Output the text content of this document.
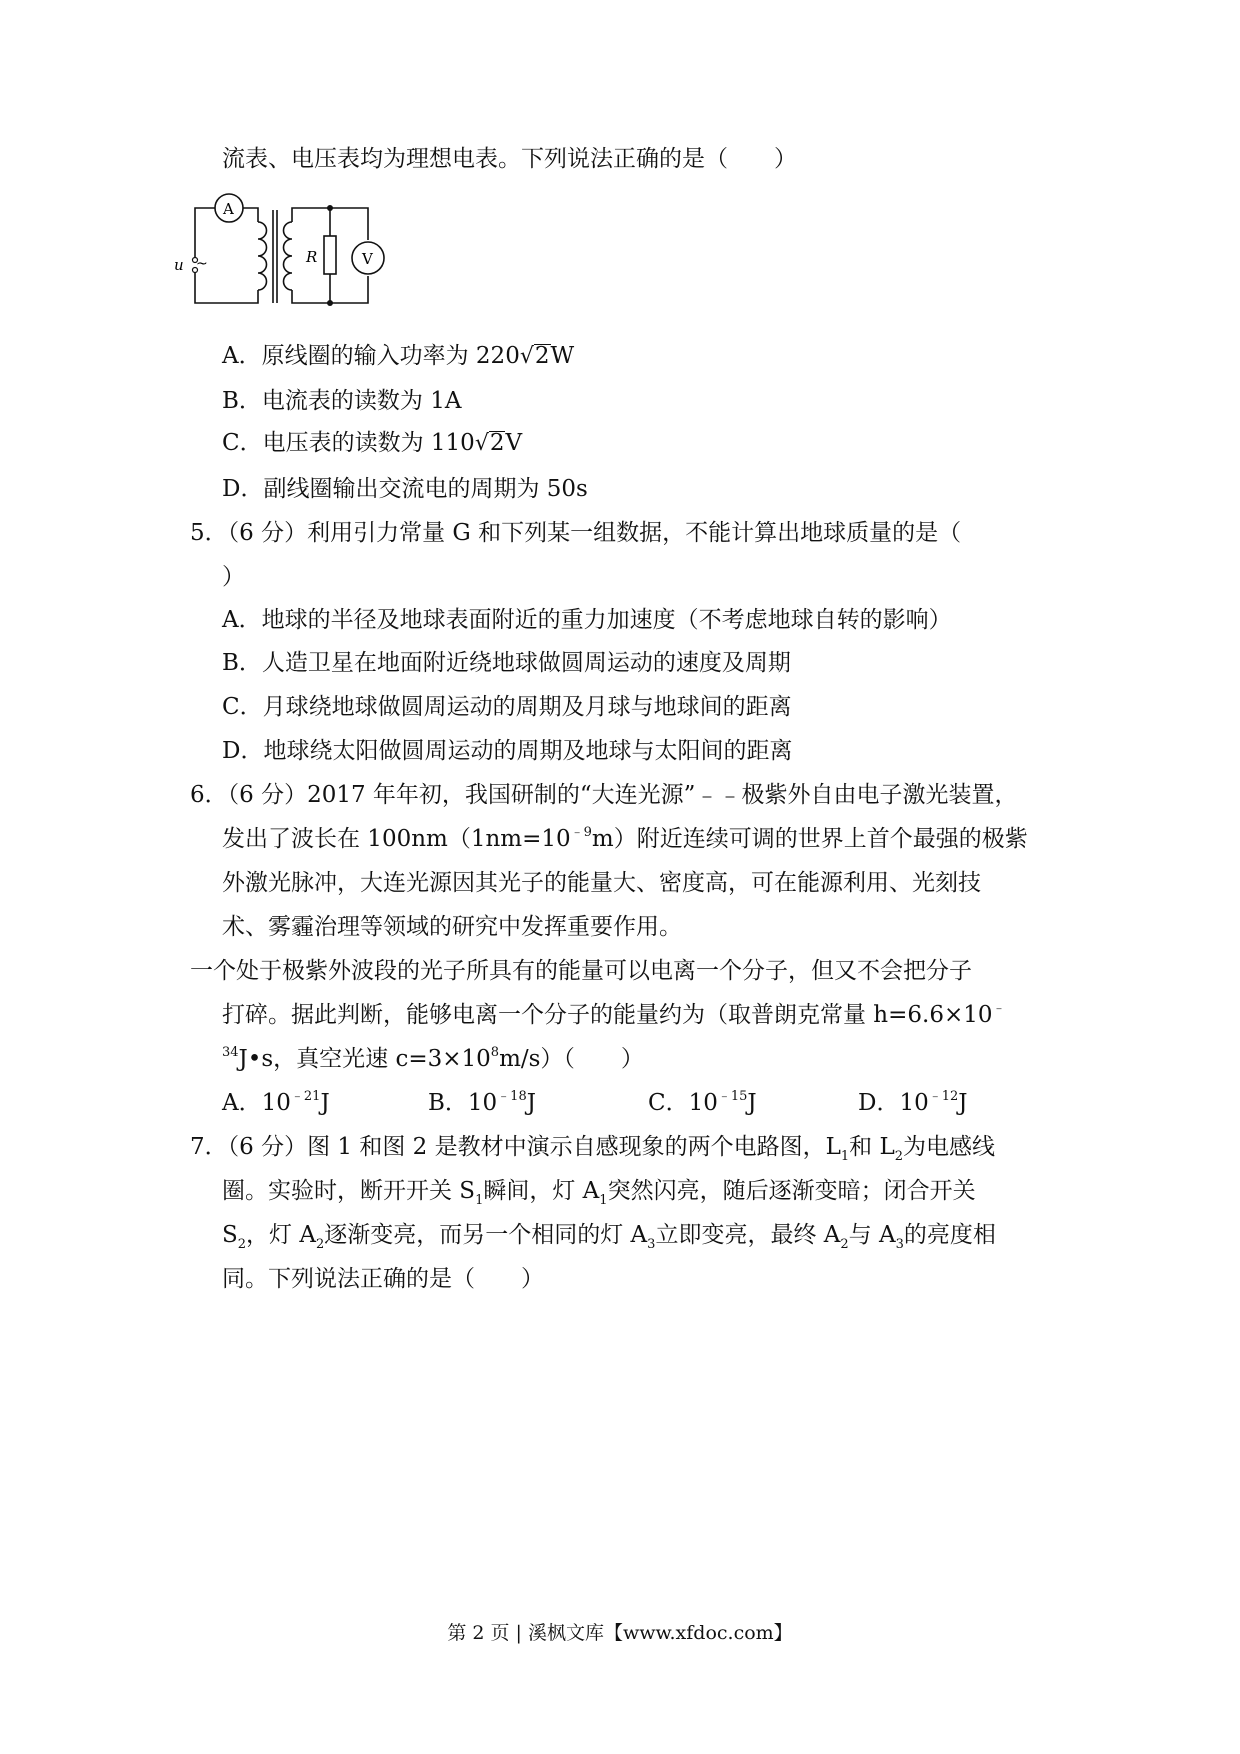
流表、电压表均为理想电表。下列说法正确的是（　　）
~
u
A
V
R
A．原线圈的输入功率为 220√2W
B．电流表的读数为 1A
C．电压表的读数为 110√2V
D．副线圈输出交流电的周期为 50s
5．（6 分）利用引力常量 G 和下列某一组数据，不能计算出地球质量的是（
）
A．地球的半径及地球表面附近的重力加速度（不考虑地球自转的影响）
B．人造卫星在地面附近绕地球做圆周运动的速度及周期
C．月球绕地球做圆周运动的周期及月球与地球间的距离
D．地球绕太阳做圆周运动的周期及地球与太阳间的距离
6．（6 分）2017 年年初，我国研制的“大连光源”﹣﹣极紫外自由电子激光装置，
发出了波长在 $100nm(1nm=10^{﹣9}m)$附近连续可调的世界上首个最强的极紫
外激光脉冲，大连光源因其光子的能量大、密度高，可在能源利用、光刻技
术、雾霾治理等领域的研究中发挥重要作用。
一个处于极紫外波段的光子所具有的能量可以电离一个分子，但又不会把分子
打碎。据此判断，能够电离一个分子的能量约为（取普朗克常量 h=6.6×10﹣
$^{34}$J•s，真空光速 $c=3\times 10^8m/s$）（　　）
A．$10^{﹣21}J$	B．$10^{﹣18}J$	C．$10^{﹣15}J$	D．$10^{﹣12}J$
7．（6 分）图 1 和图 2 是教材中演示自感现象的两个电路图，$L_1$和 $L_2$为电感线
圈。实验时，断开开关 $S_1$瞬间，灯 $A_1$突然闪亮，随后逐渐变暗；闭合开关
$S_2$，灯 $A_2$逐渐变亮，而另一个相同的灯 $A_3$立即变亮，最终 $A_2$与 $A_3$的亮度相
同。下列说法正确的是（　　）
第 2 页 | 溪枫文库【www.xfdoc.com】
